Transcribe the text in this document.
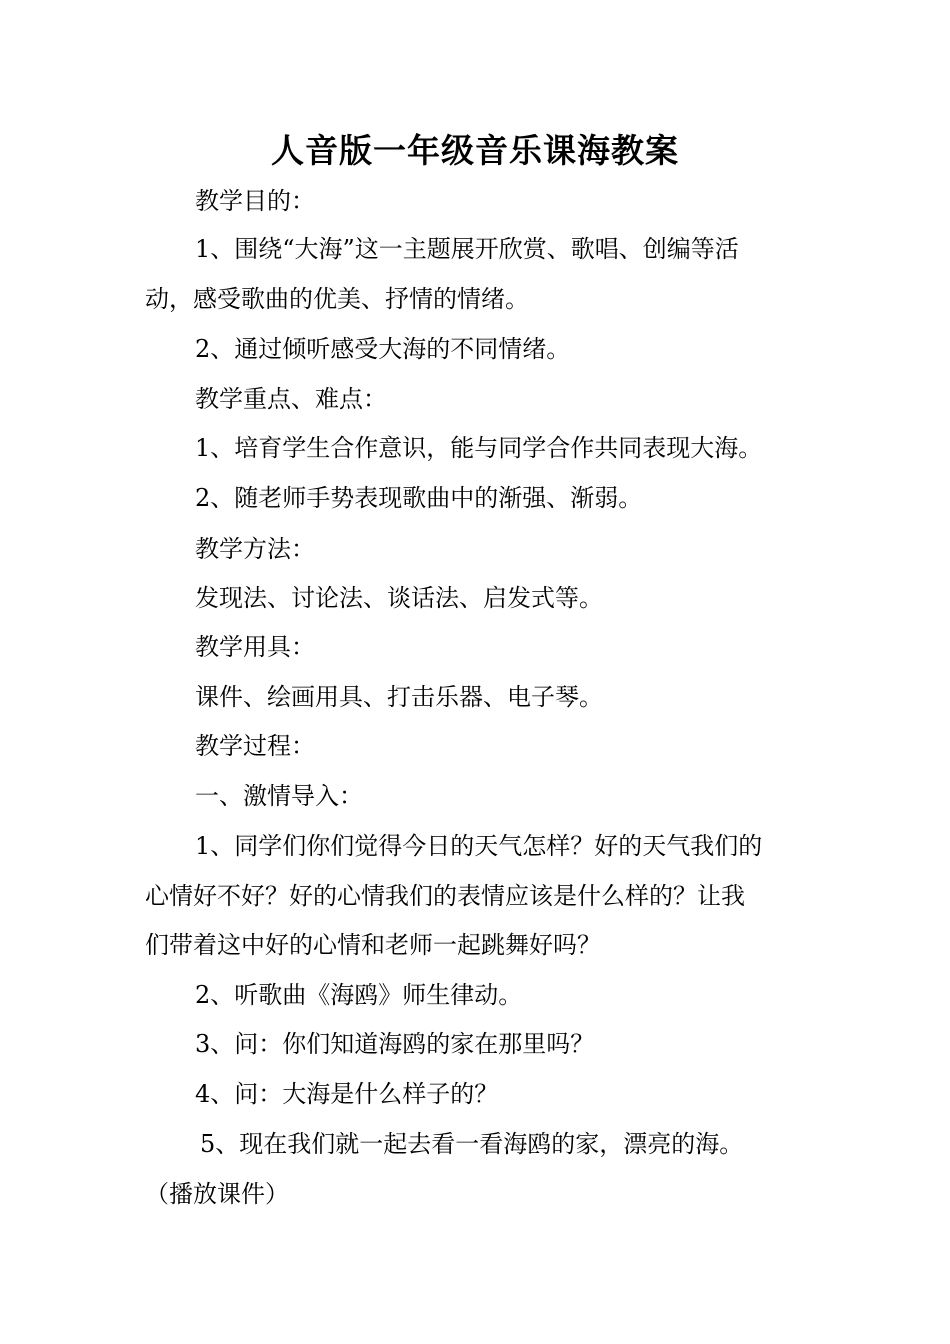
人音版一年级音乐课海教案
教学目的：
1、围绕“大海”这一主题展开欣赏、歌唱、创编等活
动，感受歌曲的优美、抒情的情绪。
2、通过倾听感受大海的不同情绪。
教学重点、难点：
1、培育学生合作意识，能与同学合作共同表现大海。
2、随老师手势表现歌曲中的渐强、渐弱。
教学方法：
发现法、讨论法、谈话法、启发式等。
教学用具：
课件、绘画用具、打击乐器、电子琴。
教学过程：
一、激情导入：
1、同学们你们觉得今日的天气怎样？好的天气我们的
心情好不好？好的心情我们的表情应该是什么样的？让我
们带着这中好的心情和老师一起跳舞好吗？
2、听歌曲《海鸥》师生律动。
3、问：你们知道海鸥的家在那里吗？
4、问：大海是什么样子的？
5、现在我们就一起去看一看海鸥的家，漂亮的海。
（播放课件）
